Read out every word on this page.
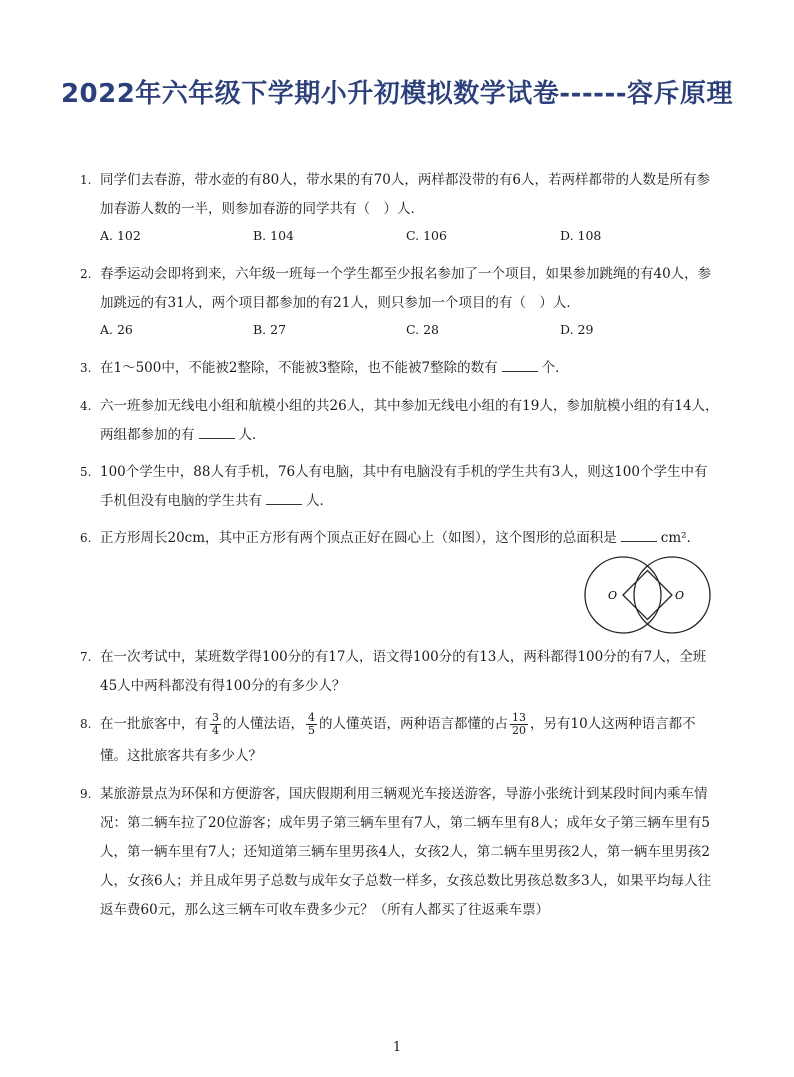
2022年六年级下学期小升初模拟数学试卷------容斥原理
1. 同学们去春游，带水壶的有80人，带水果的有70人，两样都没带的有6人，若两样都带的人数是所有参加春游人数的一半，则参加春游的同学共有（　）人．
A. 102	B. 104	C. 106	D. 108
2. 春季运动会即将到来，六年级一班每一个学生都至少报名参加了一个项目，如果参加跳绳的有40人，参加跳远的有31人，两个项目都参加的有21人，则只参加一个项目的有（　）人．
A. 26	B. 27	C. 28	D. 29
3. 在1～500中，不能被2整除，不能被3整除，也不能被7整除的数有	个．
4. 六一班参加无线电小组和航模小组的共26人，其中参加无线电小组的有19人，参加航模小组的有14人，两组都参加的有	人．
5. 100个学生中，88人有手机，76人有电脑，其中有电脑没有手机的学生共有3人，则这100个学生中有手机但没有电脑的学生共有	人．
6. 正方形周长20cm，其中正方形有两个顶点正好在圆心上（如图），这个图形的总面积是	cm²．
O	O
7. 在一次考试中，某班数学得100分的有17人，语文得100分的有13人，两科都得100分的有7人，全班45人中两科都没有得100分的有多少人？
8. 在一批旅客中，有 $\frac{3}{4}$ 的人懂法语， $\frac{4}{5}$ 的人懂英语，两种语言都懂的占 $\frac{13}{20}$ ，另有10人这两种语言都不懂。这批旅客共有多少人？
9. 某旅游景点为环保和方便游客，国庆假期利用三辆观光车接送游客，导游小张统计到某段时间内乘车情况：第二辆车拉了20位游客；成年男子第三辆车里有7人，第二辆车里有8人；成年女子第三辆车里有5人，第一辆车里有7人；还知道第三辆车里男孩4人，女孩2人，第二辆车里男孩2人，第一辆车里男孩2人，女孩6人；并且成年男子总数与成年女子总数一样多，女孩总数比男孩总数多3人，如果平均每人往返车费60元，那么这三辆车可收车费多少元？（所有人都买了往返乘车票）
1
